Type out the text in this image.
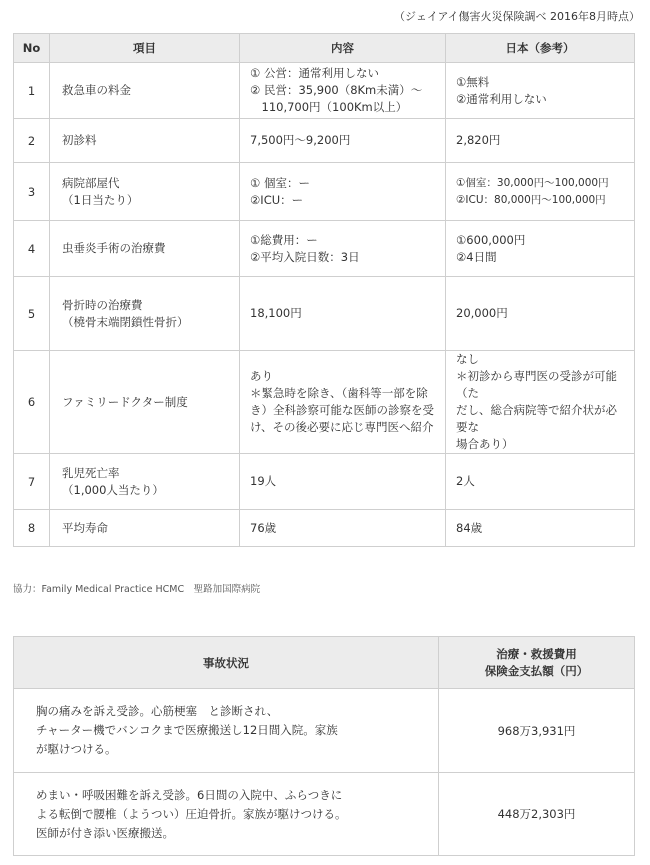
（ジェイアイ傷害火災保険調べ 2016年8月時点）
No	項目	内容	日本（参考）
1	救急車の料金	① 公営：通常利用しない
② 民営：35,900（8Km未満）～
　110,700円（100Km以上）	①無料
②通常利用しない

2	初診料	7,500円～9,200円	2,820円

3	病院部屋代
（1日当たり）	① 個室：ー
②ICU：ー	①個室：30,000円～100,000円
②ICU：80,000円～100,000円

4	虫垂炎手術の治療費	①総費用：ー
②平均入院日数：3日	①600,000円
②4日間

5	骨折時の治療費
（橈骨末端閉鎖性骨折）	18,100円	20,000円

6	ファミリードクター制度	あり
＊緊急時を除き、（歯科等一部を除
き）全科診察可能な医師の診察を受
け、その後必要に応じ専門医へ紹介	なし
＊初診から専門医の受診が可能（た
だし、総合病院等で紹介状が必要な
場合あり）

7	乳児死亡率
（1,000人当たり）	19人	2人

8	平均寿命	76歳	84歳
協力：Family Medical Practice HCMC　聖路加国際病院
事故状況	治療・救援費用
保険金支払額（円）

胸の痛みを訴え受診。心筋梗塞　と診断され、
チャーター機でバンコクまで医療搬送し12日間入院。家族
が駆けつける。	968万3,931円

めまい・呼吸困難を訴え受診。6日間の入院中、ふらつきに
よる転倒で腰椎（ようつい）圧迫骨折。家族が駆けつける。
医師が付き添い医療搬送。	448万2,303円
